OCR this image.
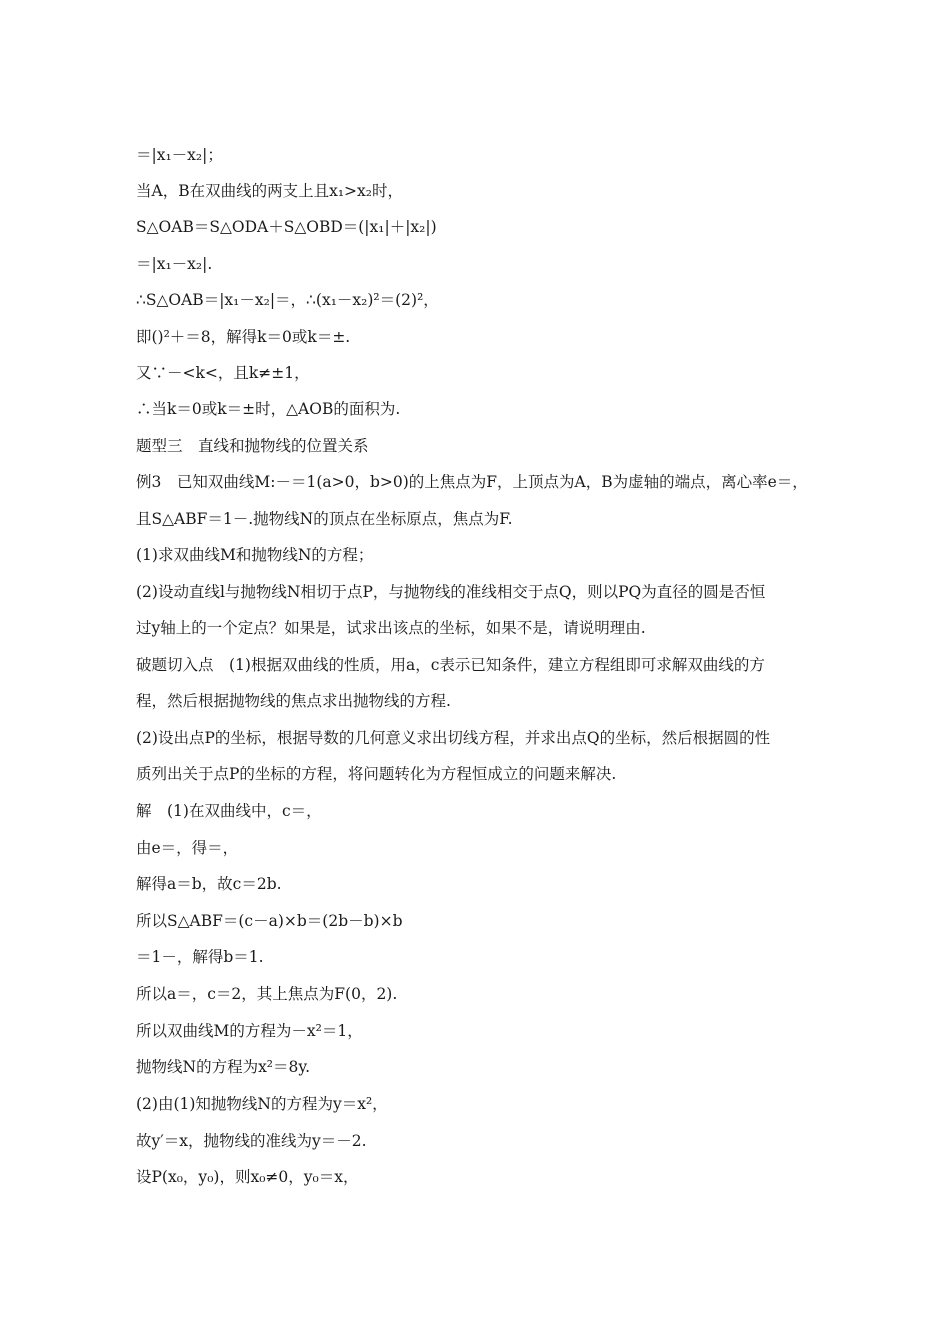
＝|x₁－x₂|；
当A，B在双曲线的两支上且x₁>x₂时，
S△OAB＝S△ODA＋S△OBD＝(|x₁|＋|x₂|)
＝|x₁－x₂|.
∴S△OAB＝|x₁－x₂|＝，∴(x₁－x₂)²＝(2)²，
即()²＋＝8，解得k＝0或k＝±.
又∵－<k<，且k≠±1，
∴当k＝0或k＝±时，△AOB的面积为.
题型三　直线和抛物线的位置关系
例3　已知双曲线M:－＝1(a>0，b>0)的上焦点为F，上顶点为A，B为虚轴的端点，离心率e＝，
且S△ABF＝1－.抛物线N的顶点在坐标原点，焦点为F.
(1)求双曲线M和抛物线N的方程；
(2)设动直线l与抛物线N相切于点P，与抛物线的准线相交于点Q，则以PQ为直径的圆是否恒
过y轴上的一个定点？如果是，试求出该点的坐标，如果不是，请说明理由.
破题切入点　(1)根据双曲线的性质，用a，c表示已知条件，建立方程组即可求解双曲线的方
程，然后根据抛物线的焦点求出抛物线的方程.
(2)设出点P的坐标，根据导数的几何意义求出切线方程，并求出点Q的坐标，然后根据圆的性
质列出关于点P的坐标的方程，将问题转化为方程恒成立的问题来解决.
解　(1)在双曲线中，c＝，
由e＝，得＝，
解得a＝b，故c＝2b.
所以S△ABF＝(c－a)×b＝(2b－b)×b
＝1－，解得b＝1.
所以a＝，c＝2，其上焦点为F(0，2).
所以双曲线M的方程为－x²＝1，
抛物线N的方程为x²＝8y.
(2)由(1)知抛物线N的方程为y＝x²，
故y′＝x，抛物线的准线为y＝－2.
设P(x₀，y₀)，则x₀≠0，y₀＝x，
